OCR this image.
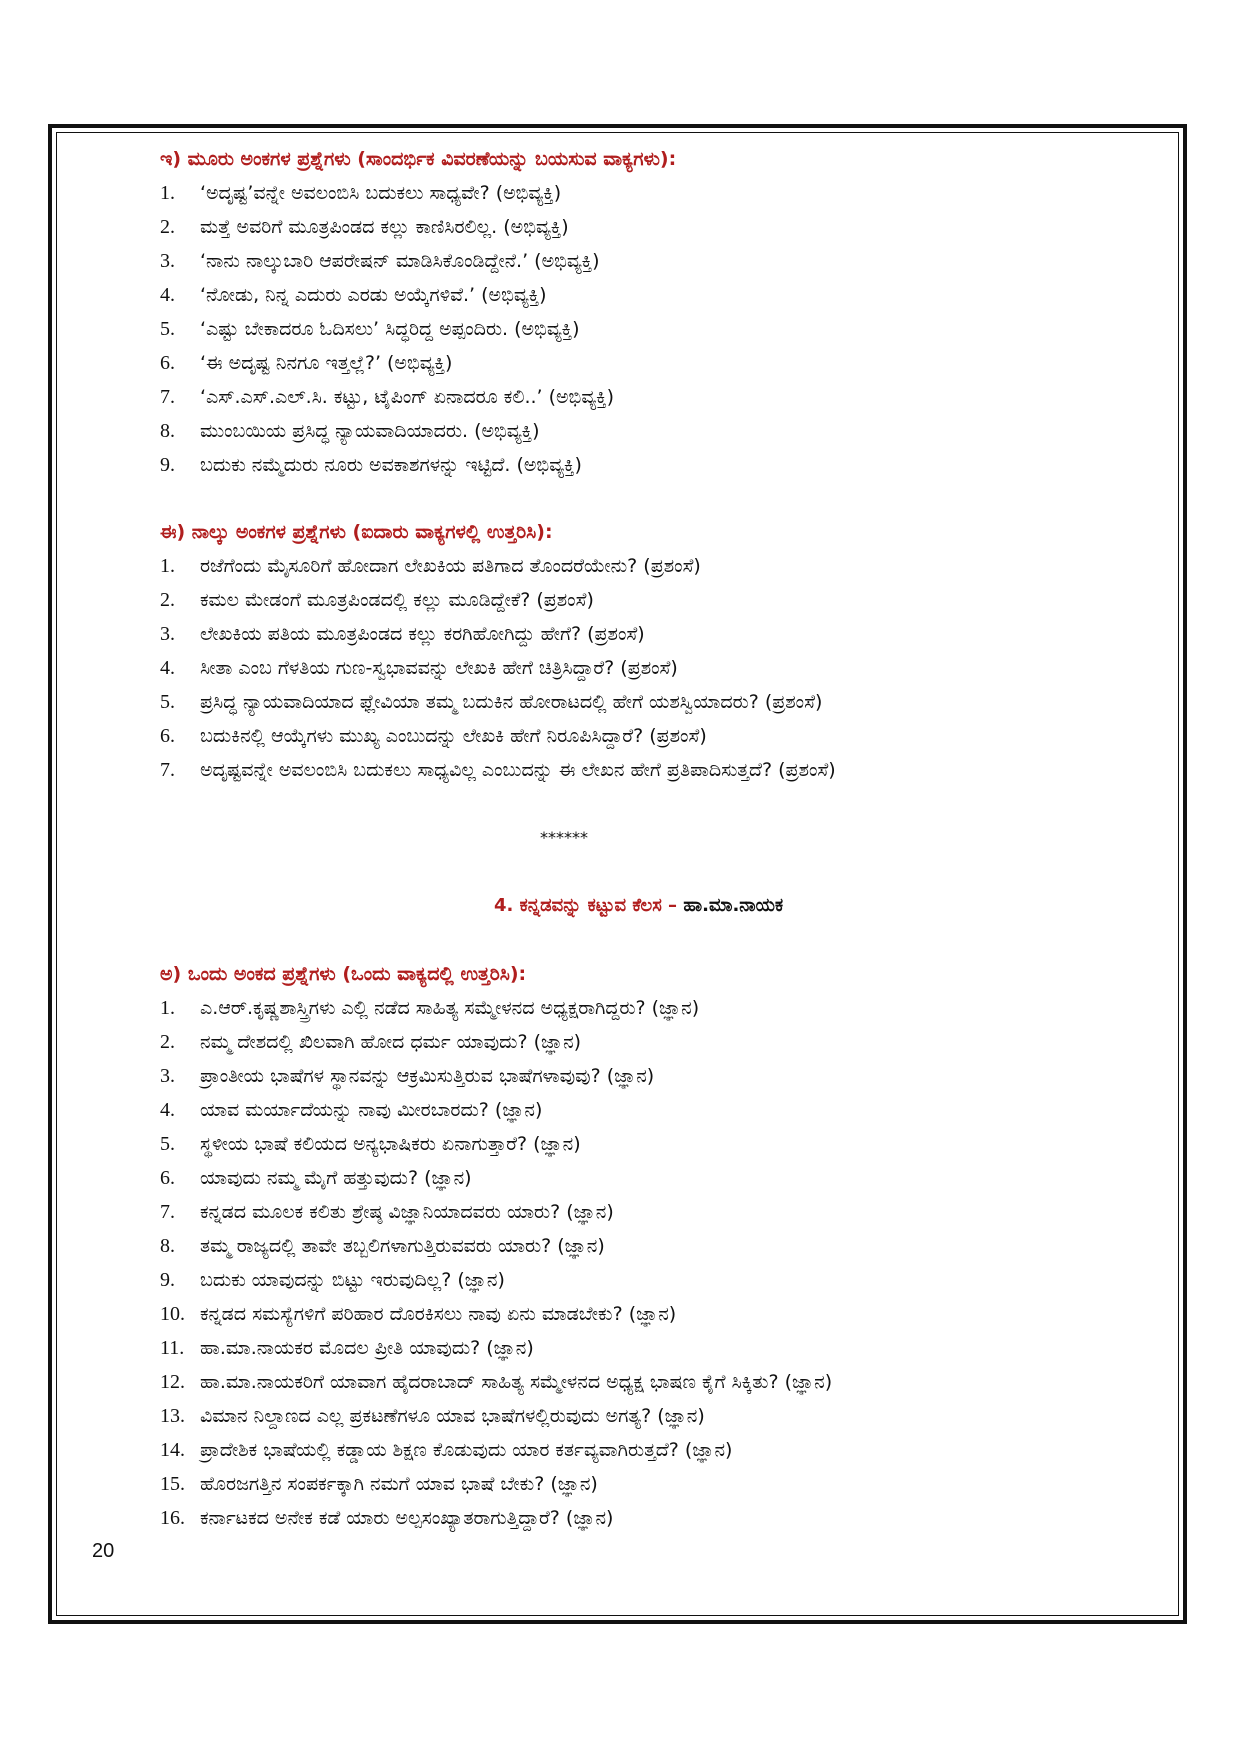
ಇ) ಮೂರು ಅಂಕಗಳ ಪ್ರಶ್ನೆಗಳು (ಸಾಂದರ್ಭಿಕ ವಿವರಣೆಯನ್ನು ಬಯಸುವ ವಾಕ್ಯಗಳು):
1.	‘ಅದೃಷ್ಟ’ವನ್ನೇ ಅವಲಂಬಿಸಿ ಬದುಕಲು ಸಾಧ್ಯವೇ? (ಅಭಿವ್ಯಕ್ತಿ)
2.	ಮತ್ತೆ ಅವರಿಗೆ ಮೂತ್ರಪಿಂಡದ ಕಲ್ಲು ಕಾಣಿಸಿರಲಿಲ್ಲ. (ಅಭಿವ್ಯಕ್ತಿ)
3.	‘ನಾನು ನಾಲ್ಕುಬಾರಿ ಆಪರೇಷನ್ ಮಾಡಿಸಿಕೊಂಡಿದ್ದೇನೆ.’ (ಅಭಿವ್ಯಕ್ತಿ)
4.	‘ನೋಡು, ನಿನ್ನ ಎದುರು ಎರಡು ಅಯ್ಕೆಗಳಿವೆ.’ (ಅಭಿವ್ಯಕ್ತಿ)
5.	‘ಎಷ್ಟು ಬೇಕಾದರೂ ಓದಿಸಲು’ ಸಿದ್ಧರಿದ್ದ ಅಪ್ಪಂದಿರು. (ಅಭಿವ್ಯಕ್ತಿ)
6.	‘ಈ ಅದೃಷ್ಟ ನಿನಗೂ ಇತ್ತಲ್ಲೆ?’ (ಅಭಿವ್ಯಕ್ತಿ)
7.	‘ಎಸ್.ಎಸ್.ಎಲ್.ಸಿ. ಕಟ್ಟು, ಟೈಪಿಂಗ್ ಏನಾದರೂ ಕಲಿ..’ (ಅಭಿವ್ಯಕ್ತಿ)
8.	ಮುಂಬಯಿಯ ಪ್ರಸಿದ್ಧ ನ್ಯಾಯವಾದಿಯಾದರು. (ಅಭಿವ್ಯಕ್ತಿ)
9.	ಬದುಕು ನಮ್ಮೆದುರು ನೂರು ಅವಕಾಶಗಳನ್ನು ಇಟ್ಟಿದೆ. (ಅಭಿವ್ಯಕ್ತಿ)
ಈ) ನಾಲ್ಕು ಅಂಕಗಳ ಪ್ರಶ್ನೆಗಳು (ಐದಾರು ವಾಕ್ಯಗಳಲ್ಲಿ ಉತ್ತರಿಸಿ):
1.	ರಜೆಗೆಂದು ಮೈಸೂರಿಗೆ ಹೋದಾಗ ಲೇಖಕಿಯ ಪತಿಗಾದ ತೊಂದರೆಯೇನು? (ಪ್ರಶಂಸೆ)
2.	ಕಮಲ ಮೇಡಂಗೆ ಮೂತ್ರಪಿಂಡದಲ್ಲಿ ಕಲ್ಲು ಮೂಡಿದ್ದೇಕೆ? (ಪ್ರಶಂಸೆ)
3.	ಲೇಖಕಿಯ ಪತಿಯ ಮೂತ್ರಪಿಂಡದ ಕಲ್ಲು ಕರಗಿಹೋಗಿದ್ದು ಹೇಗೆ? (ಪ್ರಶಂಸೆ)
4.	ಸೀತಾ ಎಂಬ ಗೆಳತಿಯ ಗುಣ-ಸ್ವಭಾವವನ್ನು ಲೇಖಕಿ ಹೇಗೆ ಚಿತ್ರಿಸಿದ್ದಾರೆ? (ಪ್ರಶಂಸೆ)
5.	ಪ್ರಸಿದ್ಧ ನ್ಯಾಯವಾದಿಯಾದ ಫ್ಲೇವಿಯಾ ತಮ್ಮ ಬದುಕಿನ ಹೋರಾಟದಲ್ಲಿ ಹೇಗೆ ಯಶಸ್ವಿಯಾದರು? (ಪ್ರಶಂಸೆ)
6.	ಬದುಕಿನಲ್ಲಿ ಆಯ್ಕೆಗಳು ಮುಖ್ಯ ಎಂಬುದನ್ನು ಲೇಖಕಿ ಹೇಗೆ ನಿರೂಪಿಸಿದ್ದಾರೆ? (ಪ್ರಶಂಸೆ)
7.	ಅದೃಷ್ಟವನ್ನೇ ಅವಲಂಬಿಸಿ ಬದುಕಲು ಸಾಧ್ಯವಿಲ್ಲ ಎಂಬುದನ್ನು ಈ ಲೇಖನ ಹೇಗೆ ಪ್ರತಿಪಾದಿಸುತ್ತದೆ? (ಪ್ರಶಂಸೆ)
******
4. ಕನ್ನಡವನ್ನು ಕಟ್ಟುವ ಕೆಲಸ – ಹಾ.ಮಾ.ನಾಯಕ
ಅ) ಒಂದು ಅಂಕದ ಪ್ರಶ್ನೆಗಳು (ಒಂದು ವಾಕ್ಯದಲ್ಲಿ ಉತ್ತರಿಸಿ):
1.	ಎ.ಆರ್.ಕೃಷ್ಣಶಾಸ್ತ್ರಿಗಳು ಎಲ್ಲಿ ನಡೆದ ಸಾಹಿತ್ಯ ಸಮ್ಮೇಳನದ ಅಧ್ಯಕ್ಷರಾಗಿದ್ದರು? (ಜ್ಞಾನ)
2.	ನಮ್ಮ ದೇಶದಲ್ಲಿ ಖಿಲವಾಗಿ ಹೋದ ಧರ್ಮ ಯಾವುದು? (ಜ್ಞಾನ)
3.	ಪ್ರಾಂತೀಯ ಭಾಷೆಗಳ ಸ್ಥಾನವನ್ನು ಆಕ್ರಮಿಸುತ್ತಿರುವ ಭಾಷೆಗಳಾವುವು? (ಜ್ಞಾನ)
4.	ಯಾವ ಮರ್ಯಾದೆಯನ್ನು ನಾವು ಮೀರಬಾರದು? (ಜ್ಞಾನ)
5.	ಸ್ಥಳೀಯ ಭಾಷೆ ಕಲಿಯದ ಅನ್ಯಭಾಷಿಕರು ಏನಾಗುತ್ತಾರೆ? (ಜ್ಞಾನ)
6.	ಯಾವುದು ನಮ್ಮ ಮೈಗೆ ಹತ್ತುವುದು? (ಜ್ಞಾನ)
7.	ಕನ್ನಡದ ಮೂಲಕ ಕಲಿತು ಶ್ರೇಷ್ಠ ವಿಜ್ಞಾನಿಯಾದವರು ಯಾರು? (ಜ್ಞಾನ)
8.	ತಮ್ಮ ರಾಜ್ಯದಲ್ಲಿ ತಾವೇ ತಬ್ಬಲಿಗಳಾಗುತ್ತಿರುವವರು ಯಾರು? (ಜ್ಞಾನ)
9.	ಬದುಕು ಯಾವುದನ್ನು ಬಿಟ್ಟು ಇರುವುದಿಲ್ಲ? (ಜ್ಞಾನ)
10. ಕನ್ನಡದ ಸಮಸ್ಯೆಗಳಿಗೆ ಪರಿಹಾರ ದೊರಕಿಸಲು ನಾವು ಏನು ಮಾಡಬೇಕು? (ಜ್ಞಾನ)
11. ಹಾ.ಮಾ.ನಾಯಕರ ಮೊದಲ ಪ್ರೀತಿ ಯಾವುದು? (ಜ್ಞಾನ)
12. ಹಾ.ಮಾ.ನಾಯಕರಿಗೆ ಯಾವಾಗ ಹೈದರಾಬಾದ್ ಸಾಹಿತ್ಯ ಸಮ್ಮೇಳನದ ಅಧ್ಯಕ್ಷ ಭಾಷಣ ಕೈಗೆ ಸಿಕ್ಕಿತು? (ಜ್ಞಾನ)
13. ವಿಮಾನ ನಿಲ್ದಾಣದ ಎಲ್ಲ ಪ್ರಕಟಣೆಗಳೂ ಯಾವ ಭಾಷೆಗಳಲ್ಲಿರುವುದು ಅಗತ್ಯ? (ಜ್ಞಾನ)
14. ಪ್ರಾದೇಶಿಕ ಭಾಷೆಯಲ್ಲಿ ಕಡ್ಡಾಯ ಶಿಕ್ಷಣ ಕೊಡುವುದು ಯಾರ ಕರ್ತವ್ಯವಾಗಿರುತ್ತದೆ? (ಜ್ಞಾನ)
15. ಹೊರಜಗತ್ತಿನ ಸಂಪರ್ಕಕ್ಕಾಗಿ ನಮಗೆ ಯಾವ ಭಾಷೆ ಬೇಕು? (ಜ್ಞಾನ)
16. ಕರ್ನಾಟಕದ ಅನೇಕ ಕಡೆ ಯಾರು ಅಲ್ಪಸಂಖ್ಯಾತರಾಗುತ್ತಿದ್ದಾರೆ? (ಜ್ಞಾನ)
20
